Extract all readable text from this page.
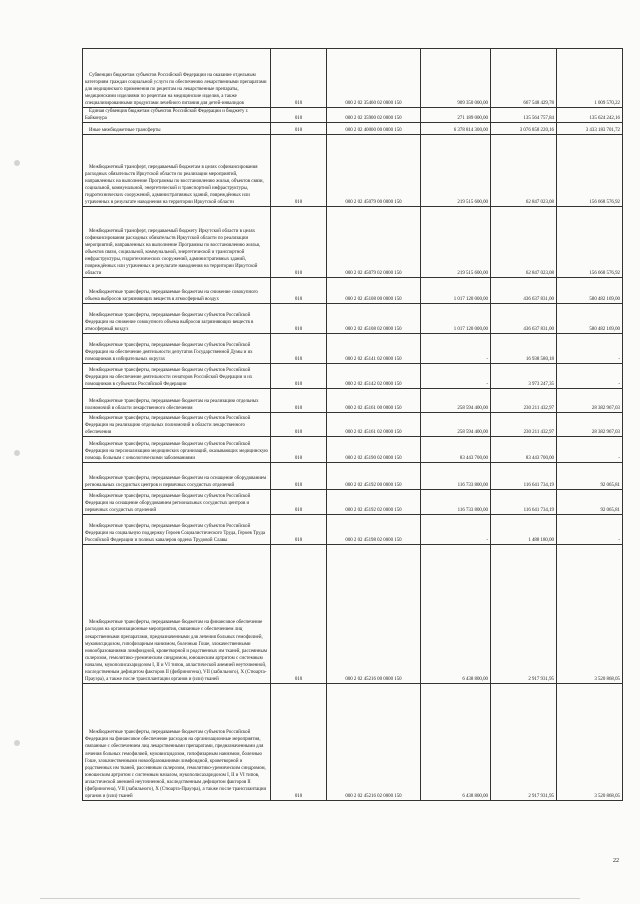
Субвенции бюджетам субъектов Российской Федерации на оказание отдельным категориям граждан социальной услуги по обеспечению лекарственными препаратами для медицинского применения по рецептам на лекарственные препараты, медицинскими изделиями по рецептам на медицинские изделия, а также специализированными продуктами лечебного питания для детей-инвалидов	010	000 2 02 35460 02 0000 150	909 350 000,00	667 548 429,78	1 009 570,22
Единая субвенция бюджетам субъектов Российской Федерации и бюджету г. Байконура	010	000 2 02 35900 02 0000 150	271 189 000,00	135 564 757,84	135 624 242,16
Иные межбюджетные трансферты	010	000 2 02 40000 00 0000 150	6 378 814 300,00	3 076 858 220,16	3 433 183 701,72
Межбюджетный трансферт, передаваемый бюджетам в целях софинансирования расходных обязательств Иркутской области по реализации мероприятий, направленных на выполнение Программы по восстановлению жилья, объектов связи, социальной, коммунальной, энергетической и транспортной инфраструктуры, гидротехнических сооружений, административных зданий, повреждённых или утраченных в результате наводнения на территории Иркутской области	010	000 2 02 45079 00 0000 150	219 515 600,00	62 847 023,08	156 668 576,92
Межбюджетный трансферт, передаваемый бюджету Иркутской области в целях софинансирования расходных обязательств Иркутской области по реализации мероприятий, направленных на выполнение Программы по восстановлению жилья, объектов связи, социальной, коммунальной, энергетической и транспортной инфраструктуры, гидротехнических сооружений, административных зданий, повреждённых или утраченных в результате наводнения на территории Иркутской области	010	000 2 02 45079 02 0000 150	219 515 600,00	62 847 023,08	156 668 576,92
Межбюджетные трансферты, передаваемые бюджетам на снижение совокупного объема выбросов загрязняющих веществ в атмосферный воздух	010	000 2 02 45108 00 0000 150	1 017 120 000,00	436 637 831,00	580 482 169,00
Межбюджетные трансферты, передаваемые бюджетам субъектов Российской Федерации на снижение совокупного объема выбросов загрязняющих веществ в атмосферный воздух	010	000 2 02 45108 02 0000 150	1 017 120 000,00	436 637 831,00	580 482 169,00
Межбюджетные трансферты, передаваемые бюджетам субъектов Российской Федерации на обеспечение деятельности депутатов Государственной Думы и их помощников в избирательных округах	010	000 2 02 45141 02 0000 150	-	16 938 580,18	-
Межбюджетные трансферты, передаваемые бюджетам субъектов Российской Федерации на обеспечение деятельности сенаторов Российской Федерации и их помощников в субъектах Российской Федерации	010	000 2 02 45142 02 0000 150	-	3 973 247,35	-
Межбюджетные трансферты, передаваемые бюджетам на реализацию отдельных полномочий в области лекарственного обеспечения	010	000 2 02 45161 00 0000 150	258 594 400,00	230 211 432,97	28 382 967,03
Межбюджетные трансферты, передаваемые бюджетам субъектов Российской Федерации на реализацию отдельных полномочий в области лекарственного обеспечения	010	000 2 02 45161 02 0000 150	258 594 400,00	230 211 432,97	28 382 967,03
Межбюджетные трансферты, передаваемые бюджетам субъектов Российской Федерации на персонализацию медицинских организаций, оказывающих медицинскую помощь больным с онкологическими заболеваниями	010	000 2 02 45190 02 0000 150	83 443 700,00	83 443 700,00	-
Межбюджетные трансферты, передаваемые бюджетам на оснащение оборудованием региональных сосудистых центров и первичных сосудистых отделений	010	000 2 02 45192 00 0000 150	116 733 800,00	116 641 734,19	92 065,81
Межбюджетные трансферты, передаваемые бюджетам субъектов Российской Федерации на оснащение оборудованием региональных сосудистых центров и первичных сосудистых отделений	010	000 2 02 45192 02 0000 150	116 733 800,00	116 641 734,19	92 065,81
Межбюджетные трансферты, передаваемые бюджетам субъектов Российской Федерации на социальную поддержку Героев Социалистического Труда, Героев Труда Российской Федерации и полных кавалеров ордена Трудовой Славы	010	000 2 02 45198 02 0000 150	-	1 488 180,00	-
Межбюджетные трансферты, передаваемые бюджетам на финансовое обеспечение расходов на организационные мероприятия, связанные с обеспечением лиц лекарственными препаратами, предназначенными для лечения больных гемофилией, муковисцидозом, гипофизарным нанизмом, болезнью Гоше, злокачественными новообразованиями лимфоидной, кроветворной и родственных им тканей, рассеянным склерозом, гемолитико-уремическим синдромом, юношеским артритом с системным началом, мукополисахаридозом I, II и VI типов, апластической анемией неуточненной, наследственным дефицитом факторов II (фибриногена), VII (лабильного), X (Стюарта-Прауэра), а также после трансплантации органов и (или) тканей	010	000 2 02 45216 00 0000 150	6 438 800,00	2 917 931,95	3 520 868,05
Межбюджетные трансферты, передаваемые бюджетам субъектов Российской Федерации на финансовое обеспечение расходов на организационные мероприятия, связанные с обеспечением лиц лекарственными препаратами, предназначенными для лечения больных гемофилией, муковисцидозом, гипофизарным нанизмом, болезнью Гоше, злокачественными новообразованиями лимфоидной, кроветворной и родственных им тканей, рассеянным склерозом, гемолитико-уремическим синдромом, юношеским артритом с системным началом, мукополисахаридозом I, II и VI типов, апластической анемией неуточненной, наследственным дефицитом факторов II (фибриногена), VII (лабильного), X (Стюарта-Прауэра), а также после трансплантации органов и (или) тканей	010	000 2 02 45216 02 0000 150	6 438 800,00	2 917 931,95	3 520 868,05
22
